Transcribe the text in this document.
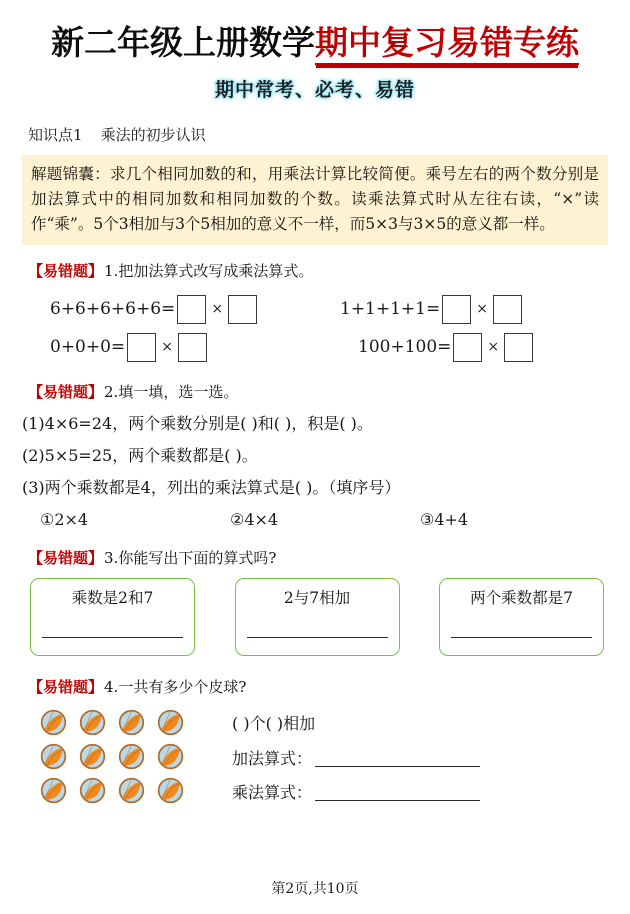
新二年级上册数学期中复习易错专练
期中常考、必考、易错
知识点1 乘法的初步认识
解题锦囊：求几个相同加数的和，用乘法计算比较简便。乘号左右的两个数分别是加法算式中的相同加数和相同加数的个数。读乘法算式时从左往右读，“×”读作“乘”。5个3相加与3个5相加的意义不一样，而5×3与3×5的意义都一样。
【易错题】1.把加法算式改写成乘法算式。
6+6+6+6+6=	×	1+1+1+1=	×
0+0+0=	×	100+100=	×
【易错题】2.填一填，选一选。
(1)4×6=24，两个乘数分别是( )和( )，积是( )。
(2)5×5=25，两个乘数都是( )。
(3)两个乘数都是4，列出的乘法算式是( )。（填序号）
①2×4	②4×4	③4+4
【易错题】3.你能写出下面的算式吗?
乘数是2和7	2与7相加	两个乘数都是7
【易错题】4.一共有多少个皮球?
( )个( )相加
加法算式：
乘法算式：
第2页,共10页
